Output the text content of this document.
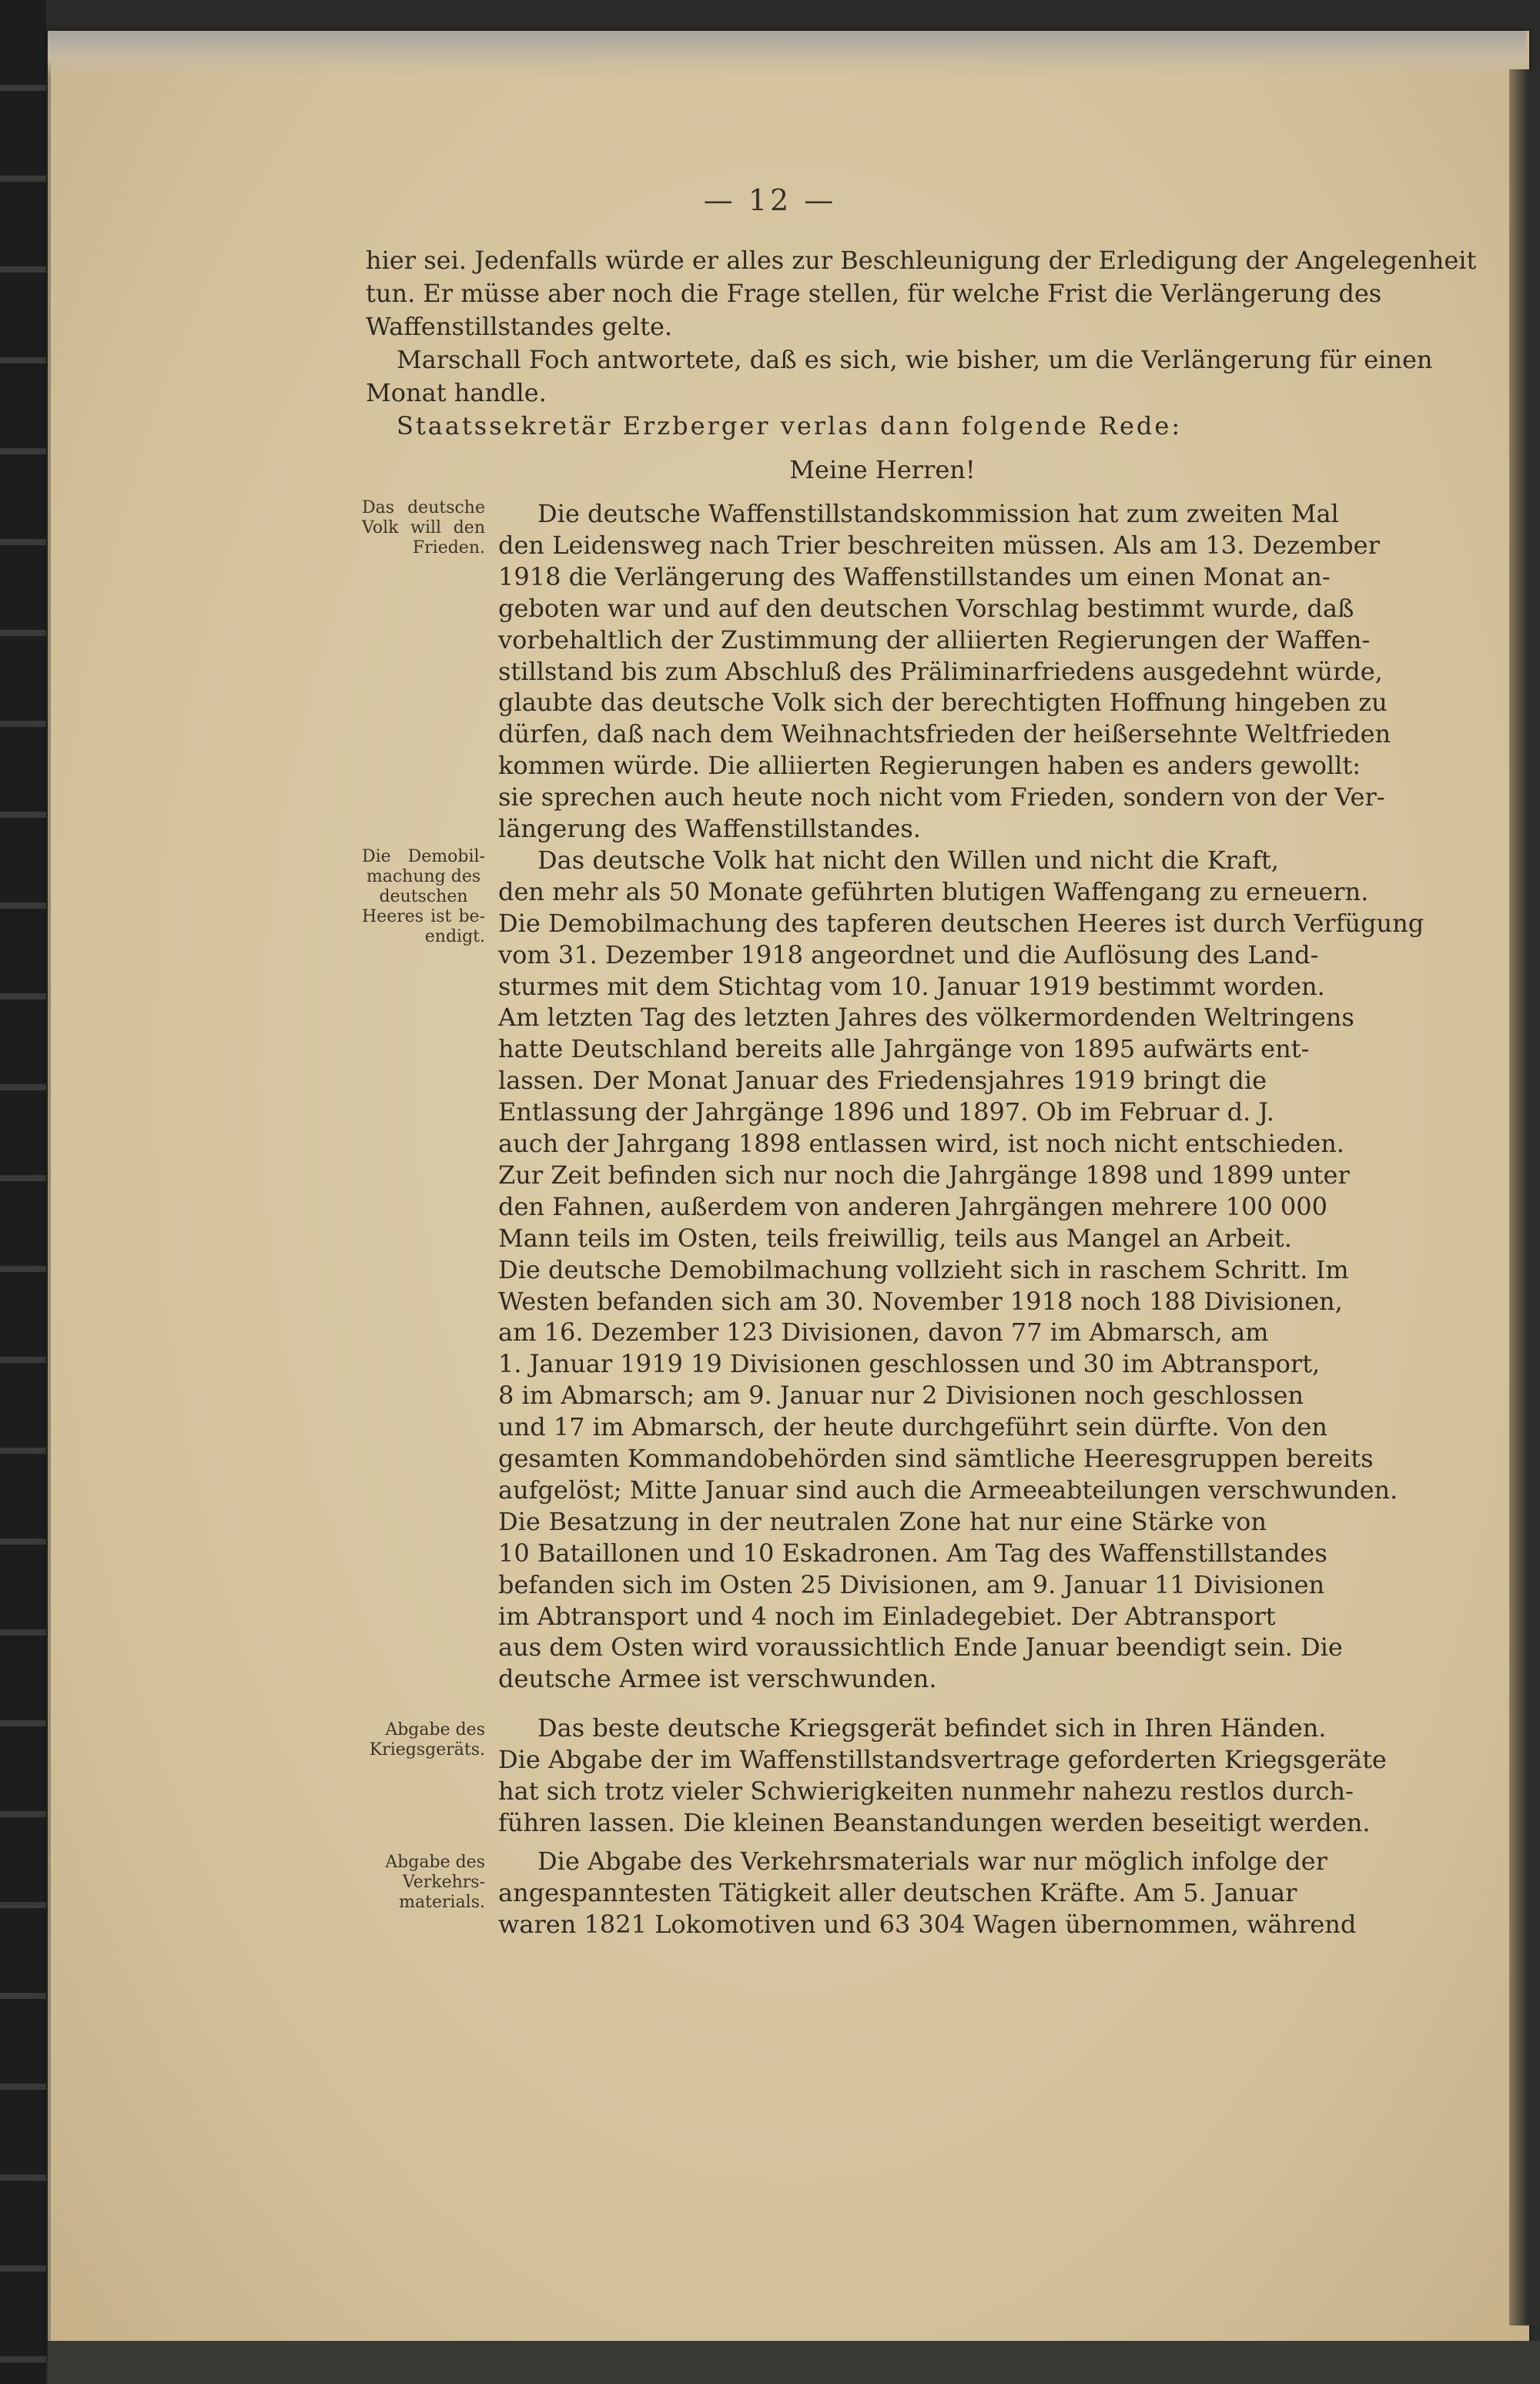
— 12 —
hier sei. Jedenfalls würde er alles zur Beschleunigung der Erledigung der Angelegenheit
tun. Er müsse aber noch die Frage stellen, für welche Frist die Verlängerung des
Waffenstillstandes gelte.
Marschall Foch antwortete, daß es sich, wie bisher, um die Verlängerung für einen
Monat handle.
Staatssekretär Erzberger verlas dann folgende Rede:
Meine Herren!
Die deutsche Waffenstillstandskommission hat zum zweiten Mal
den Leidensweg nach Trier beschreiten müssen. Als am 13. Dezember
1918 die Verlängerung des Waffenstillstandes um einen Monat an-
geboten war und auf den deutschen Vorschlag bestimmt wurde, daß
vorbehaltlich der Zustimmung der alliierten Regierungen der Waffen-
stillstand bis zum Abschluß des Präliminarfriedens ausgedehnt würde,
glaubte das deutsche Volk sich der berechtigten Hoffnung hingeben zu
dürfen, daß nach dem Weihnachtsfrieden der heißersehnte Weltfrieden
kommen würde. Die alliierten Regierungen haben es anders gewollt:
sie sprechen auch heute noch nicht vom Frieden, sondern von der Ver-
längerung des Waffenstillstandes.
Das deutsche Volk hat nicht den Willen und nicht die Kraft,
den mehr als 50 Monate geführten blutigen Waffengang zu erneuern.
Die Demobilmachung des tapferen deutschen Heeres ist durch Verfügung
vom 31. Dezember 1918 angeordnet und die Auflösung des Land-
sturmes mit dem Stichtag vom 10. Januar 1919 bestimmt worden.
Am letzten Tag des letzten Jahres des völkermordenden Weltringens
hatte Deutschland bereits alle Jahrgänge von 1895 aufwärts ent-
lassen. Der Monat Januar des Friedensjahres 1919 bringt die
Entlassung der Jahrgänge 1896 und 1897. Ob im Februar d. J.
auch der Jahrgang 1898 entlassen wird, ist noch nicht entschieden.
Zur Zeit befinden sich nur noch die Jahrgänge 1898 und 1899 unter
den Fahnen, außerdem von anderen Jahrgängen mehrere 100 000
Mann teils im Osten, teils freiwillig, teils aus Mangel an Arbeit.
Die deutsche Demobilmachung vollzieht sich in raschem Schritt. Im
Westen befanden sich am 30. November 1918 noch 188 Divisionen,
am 16. Dezember 123 Divisionen, davon 77 im Abmarsch, am
1. Januar 1919 19 Divisionen geschlossen und 30 im Abtransport,
8 im Abmarsch; am 9. Januar nur 2 Divisionen noch geschlossen
und 17 im Abmarsch, der heute durchgeführt sein dürfte. Von den
gesamten Kommandobehörden sind sämtliche Heeresgruppen bereits
aufgelöst; Mitte Januar sind auch die Armeeabteilungen verschwunden.
Die Besatzung in der neutralen Zone hat nur eine Stärke von
10 Bataillonen und 10 Eskadronen. Am Tag des Waffenstillstandes
befanden sich im Osten 25 Divisionen, am 9. Januar 11 Divisionen
im Abtransport und 4 noch im Einladegebiet. Der Abtransport
aus dem Osten wird voraussichtlich Ende Januar beendigt sein. Die
deutsche Armee ist verschwunden.
Das beste deutsche Kriegsgerät befindet sich in Ihren Händen.
Die Abgabe der im Waffenstillstandsvertrage geforderten Kriegsgeräte
hat sich trotz vieler Schwierigkeiten nunmehr nahezu restlos durch-
führen lassen. Die kleinen Beanstandungen werden beseitigt werden.
Die Abgabe des Verkehrsmaterials war nur möglich infolge der
angespanntesten Tätigkeit aller deutschen Kräfte. Am 5. Januar
waren 1821 Lokomotiven und 63 304 Wagen übernommen, während
Das deutsche
Volk will den
Frieden.
Die Demobil-
machung des
deutschen
Heeres ist be-
endigt.
Abgabe des
Kriegsgeräts.
Abgabe des
Verkehrs-
materials.
